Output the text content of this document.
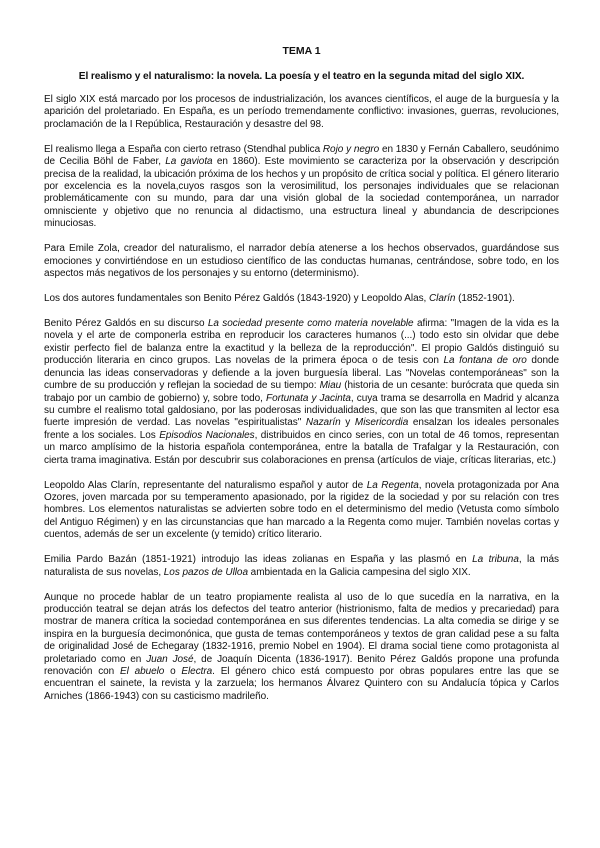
TEMA 1
El realismo y el naturalismo: la novela. La poesía y el teatro en la segunda mitad del siglo XIX.

El siglo XIX está marcado por los procesos de industrialización, los avances científicos, el auge de la burguesía y la aparición del proletariado. En España, es un período tremendamente conflictivo: invasiones, guerras, revoluciones, proclamación de la I República, Restauración y desastre del 98.

El realismo llega a España con cierto retraso (Stendhal publica Rojo y negro en 1830 y Fernán Caballero, seudónimo de Cecilia Böhl de Faber, La gaviota en 1860). Este movimiento se caracteriza por la observación y descripción precisa de la realidad, la ubicación próxima de los hechos y un propósito de crítica social y política. El género literario por excelencia es la novela,cuyos rasgos son la verosimilitud, los personajes individuales que se relacionan problemáticamente con su mundo, para dar una visión global de la sociedad contemporánea, un narrador omnisciente y objetivo que no renuncia al didactismo, una estructura lineal y abundancia de descripciones minuciosas.

Para Emile Zola, creador del naturalismo, el narrador debía atenerse a los hechos observados, guardándose sus emociones y convirtiéndose en un estudioso científico de las conductas humanas, centrándose, sobre todo, en los aspectos más negativos de los personajes y su entorno (determinismo).

Los dos autores fundamentales son Benito Pérez Galdós (1843-1920) y Leopoldo Alas, Clarín (1852-1901).

Benito Pérez Galdós en su discurso La sociedad presente como materia novelable afirma: "Imagen de la vida es la novela y el arte de componerla estriba en reproducir los caracteres humanos (...) todo esto sin olvidar que debe existir perfecto fiel de balanza entre la exactitud y la belleza de la reproducción". El propio Galdós distinguió su producción literaria en cinco grupos. Las novelas de la primera época o de tesis con La fontana de oro donde denuncia las ideas conservadoras y defiende a la joven burguesía liberal. Las "Novelas contemporáneas" son la cumbre de su producción y reflejan la sociedad de su tiempo: Miau (historia de un cesante: burócrata que queda sin trabajo por un cambio de gobierno) y, sobre todo, Fortunata y Jacinta, cuya trama se desarrolla en Madrid y alcanza su cumbre el realismo total galdosiano, por las poderosas individualidades, que son las que transmiten al lector esa fuerte impresión de verdad. Las novelas "espiritualistas" Nazarín y Misericordia ensalzan los ideales personales frente a los sociales. Los Episodios Nacionales, distribuidos en cinco series, con un total de 46 tomos, representan un marco amplísimo de la historia española contemporánea, entre la batalla de Trafalgar y la Restauración, con cierta trama imaginativa. Están por descubrir sus colaboraciones en prensa (artículos de viaje, críticas literarias, etc.)

Leopoldo Alas Clarín, representante del naturalismo español y autor de La Regenta, novela protagonizada por Ana Ozores, joven marcada por su temperamento apasionado, por la rigidez de la sociedad y por su relación con tres hombres. Los elementos naturalistas se advierten sobre todo en el determinismo del medio (Vetusta como símbolo del Antiguo Régimen) y en las circunstancias que han marcado a la Regenta como mujer. También novelas cortas y cuentos, además de ser un excelente (y temido) crítico literario.

Emilia Pardo Bazán (1851-1921) introdujo las ideas zolianas en España y las plasmó en La tribuna, la más naturalista de sus novelas, Los pazos de Ulloa ambientada en la Galicia campesina del siglo XIX.

Aunque no procede hablar de un teatro propiamente realista al uso de lo que sucedía en la narrativa, en la producción teatral se dejan atrás los defectos del teatro anterior (histrionismo, falta de medios y precariedad) para mostrar de manera crítica la sociedad contemporánea en sus diferentes tendencias. La alta comedia se dirige y se inspira en la burguesía decimonónica, que gusta de temas contemporáneos y textos de gran calidad pese a su falta de originalidad José de Echegaray (1832-1916, premio Nobel en 1904). El drama social tiene como protagonista al proletariado como en Juan José, de Joaquín Dicenta (1836-1917). Benito Pérez Galdós propone una profunda renovación con El abuelo o Electra. El género chico está compuesto por obras populares entre las que se encuentran el sainete, la revista y la zarzuela; los hermanos Álvarez Quintero con su Andalucía tópica y Carlos Arniches (1866-1943) con su casticismo madrileño.
